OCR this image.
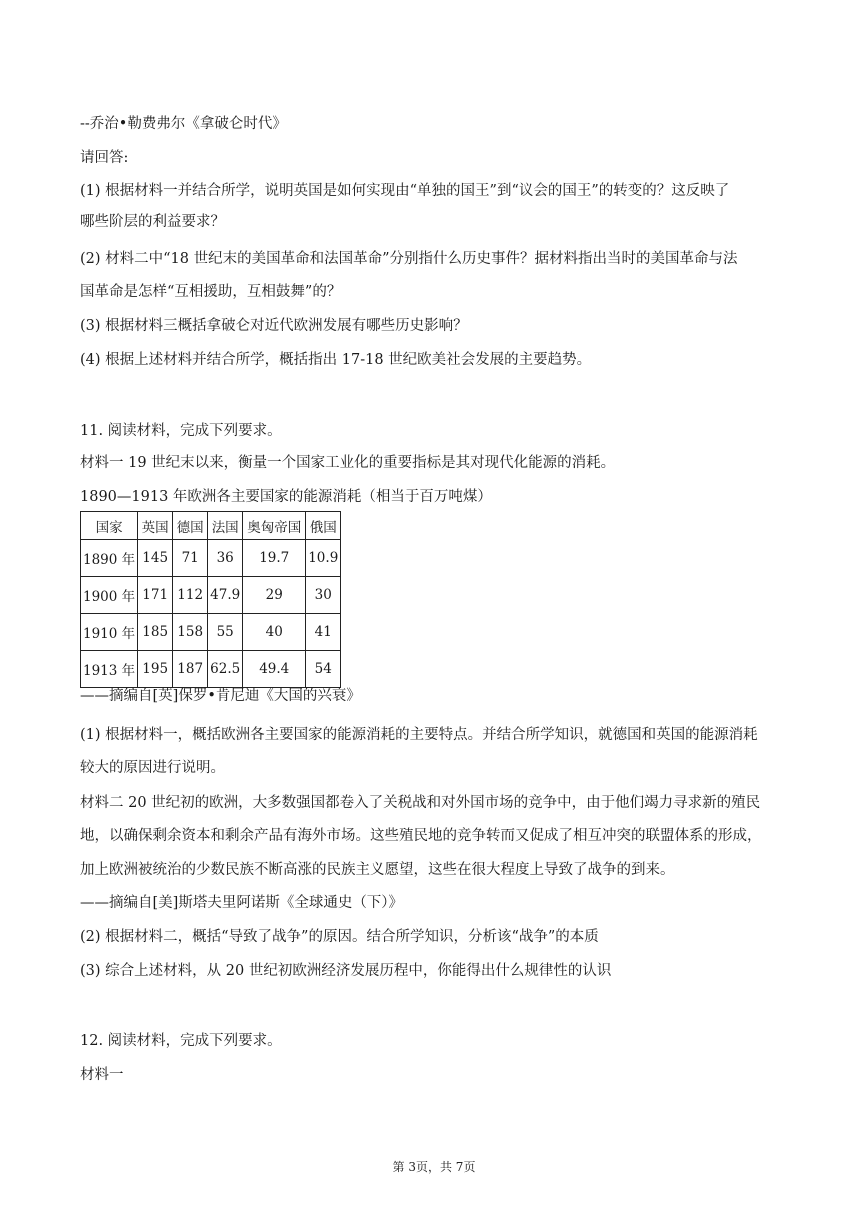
--乔治•勒费弗尔《拿破仑时代》
请回答:
(1) 根据材料一并结合所学，说明英国是如何实现由“单独的国王”到“议会的国王”的转变的？这反映了
哪些阶层的利益要求？
(2) 材料二中“18 世纪末的美国革命和法国革命”分别指什么历史事件？据材料指出当时的美国革命与法
国革命是怎样“互相援助，互相鼓舞”的？
(3) 根据材料三概括拿破仑对近代欧洲发展有哪些历史影响？
(4) 根据上述材料并结合所学，概括指出 17-18 世纪欧美社会发展的主要趋势。
11. 阅读材料，完成下列要求。
材料一 19 世纪末以来，衡量一个国家工业化的重要指标是其对现代化能源的消耗。
1890—1913 年欧洲各主要国家的能源消耗（相当于百万吨煤）
国家	英国	德国	法国	奥匈帝国	俄国
1890 年	145	71	36	19.7	10.9
1900 年	171	112	47.9	29	30
1910 年	185	158	55	40	41
1913 年	195	187	62.5	49.4	54
——摘编自[英]保罗•肯尼迪《大国的兴衰》
(1) 根据材料一，概括欧洲各主要国家的能源消耗的主要特点。并结合所学知识，就德国和英国的能源消耗
较大的原因进行说明。
材料二 20 世纪初的欧洲，大多数强国都卷入了关税战和对外国市场的竞争中，由于他们竭力寻求新的殖民
地，以确保剩余资本和剩余产品有海外市场。这些殖民地的竞争转而又促成了相互冲突的联盟体系的形成，
加上欧洲被统治的少数民族不断高涨的民族主义愿望，这些在很大程度上导致了战争的到来。
——摘编自[美]斯塔夫里阿诺斯《全球通史（下）》
(2) 根据材料二，概括“导致了战争”的原因。结合所学知识，分析该“战争”的本质
(3) 综合上述材料，从 20 世纪初欧洲经济发展历程中，你能得出什么规律性的认识
12. 阅读材料，完成下列要求。
材料一
第 3页，共 7页
